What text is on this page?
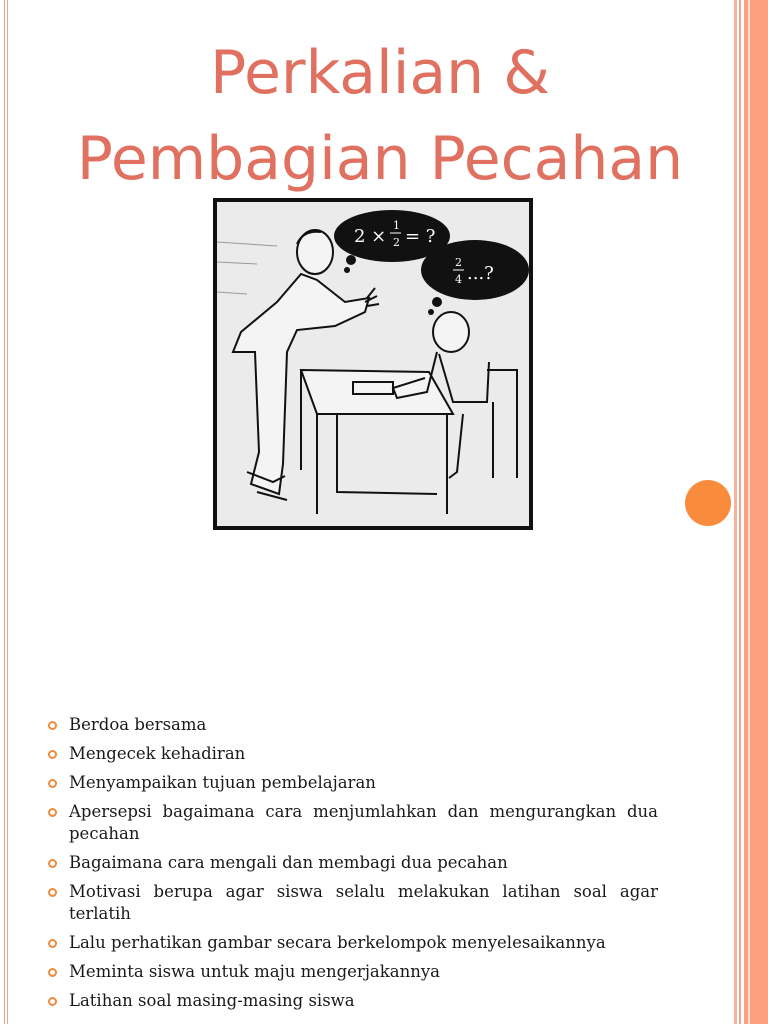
Perkalian &
Pembagian Pecahan
2 ×
1
2 = ?
2
4 ...?
Berdoa bersama
Mengecek kehadiran
Menyampaikan tujuan pembelajaran
Apersepsi bagaimana cara menjumlahkan dan mengurangkan dua pecahan
Bagaimana cara mengali dan membagi dua pecahan
Motivasi berupa agar siswa selalu melakukan latihan soal agar terlatih
Lalu perhatikan gambar secara berkelompok menyelesaikannya
Meminta siswa untuk maju mengerjakannya
Latihan soal masing-masing siswa
